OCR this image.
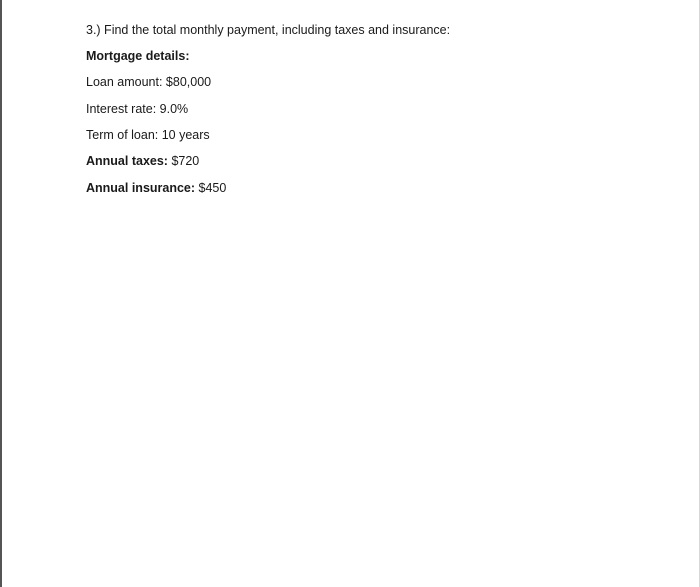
3.) Find the total monthly payment, including taxes and insurance:
Mortgage details:
Loan amount: $80,000
Interest rate: 9.0%
Term of loan: 10 years
Annual taxes: $720
Annual insurance: $450
